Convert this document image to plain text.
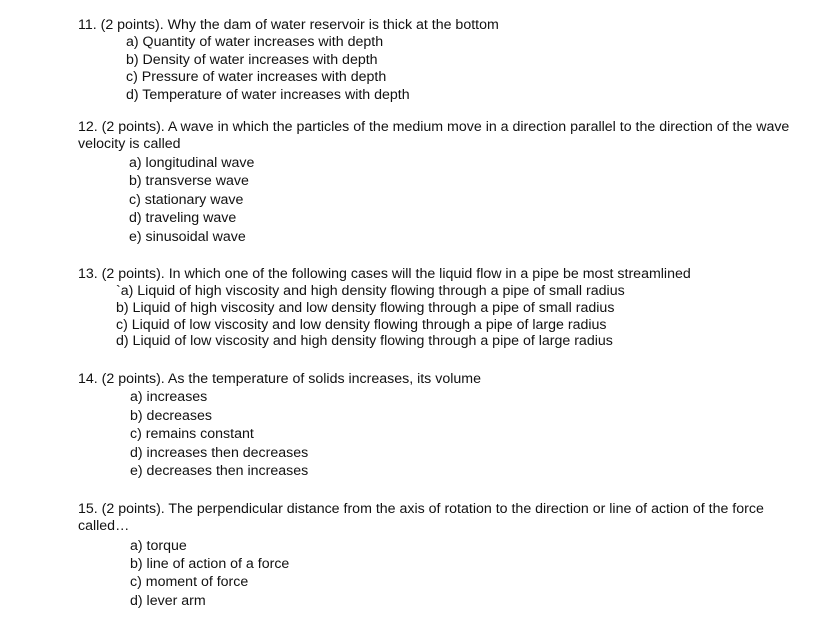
11. (2 points). Why the dam of water reservoir is thick at the bottom

a) Quantity of water increases with depth
b) Density of water increases with depth
c) Pressure of water increases with depth
d) Temperature of water increases with depth

12. (2 points). A wave in which the particles of the medium move in a direction parallel to the direction of the wave velocity is called

a) longitudinal wave
b) transverse wave
c) stationary wave
d) traveling wave
e) sinusoidal wave

13. (2 points). In which one of the following cases will the liquid flow in a pipe be most streamlined

`a) Liquid of high viscosity and high density flowing through a pipe of small radius
b) Liquid of high viscosity and low density flowing through a pipe of small radius
c) Liquid of low viscosity and low density flowing through a pipe of large radius
d) Liquid of low viscosity and high density flowing through a pipe of large radius

14. (2 points). As the temperature of solids increases, its volume

a) increases
b) decreases
c) remains constant
d) increases then decreases
e) decreases then increases

15. (2 points). The perpendicular distance from the axis of rotation to the direction or line of action of the force called…

a) torque
b) line of action of a force
c) moment of force
d) lever arm
